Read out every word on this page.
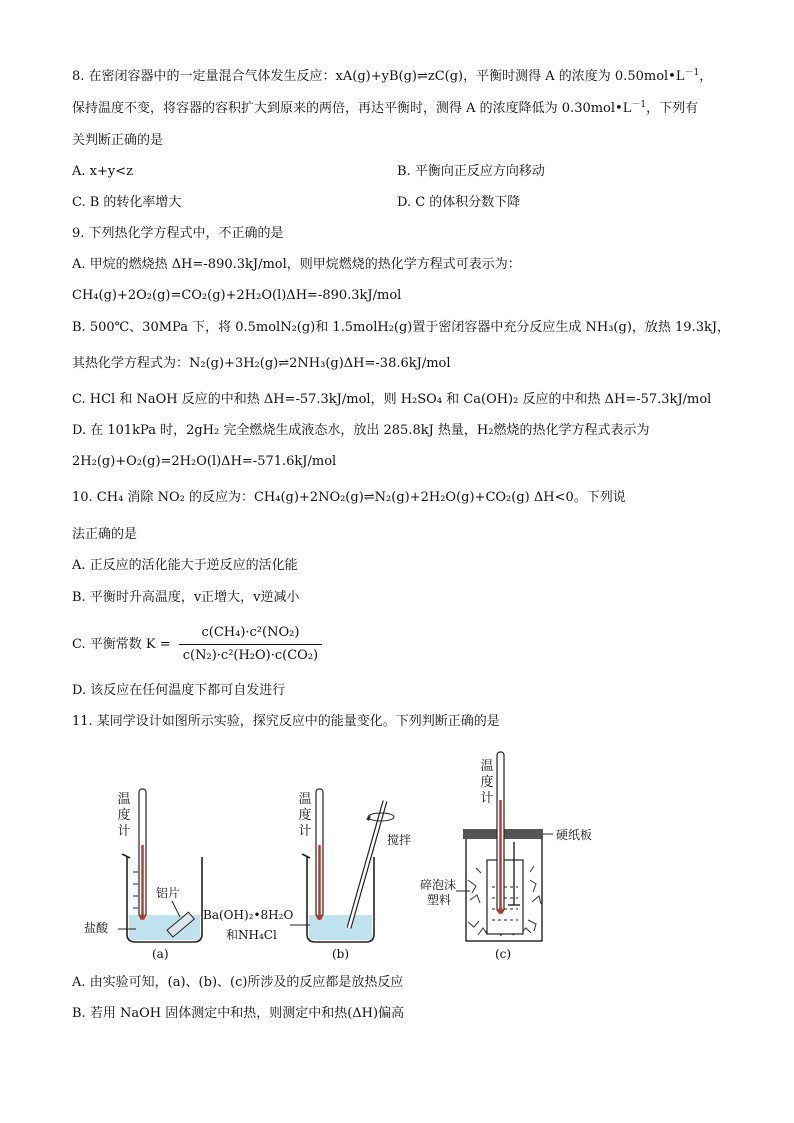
8. 在密闭容器中的一定量混合气体发生反应：xA(g)+yB(g)⇌zC(g)，平衡时测得 A 的浓度为 $0.50mol•L^{-1}$，
保持温度不变，将容器的容积扩大到原来的两倍，再达平衡时，测得 A 的浓度降低为 $0.30mol•L^{-1}$，下列有
关判断正确的是
A. x+y<z	B. 平衡向正反应方向移动
C. B 的转化率增大	D. C 的体积分数下降
9. 下列热化学方程式中，不正确的是
A. 甲烷的燃烧热 ΔH=-890.3kJ/mol，则甲烷燃烧的热化学方程式可表示为：
CH₄(g)+2O₂(g)=CO₂(g)+2H₂O(l)ΔH=-890.3kJ/mol
B. 500℃、30MPa 下，将 0.5molN₂(g)和 1.5molH₂(g)置于密闭容器中充分反应生成 NH₃(g)，放热 19.3kJ，
其热化学方程式为：N₂(g)+3H₂(g)⇌2NH₃(g)ΔH=-38.6kJ/mol
C. HCl 和 NaOH 反应的中和热 ΔH=-57.3kJ/mol，则 H₂SO₄ 和 Ca(OH)₂ 反应的中和热 ΔH=-57.3kJ/mol
D. 在 101kPa 时，2gH₂ 完全燃烧生成液态水，放出 285.8kJ 热量，H₂燃烧的热化学方程式表示为
2H₂(g)+O₂(g)=2H₂O(l)ΔH=-571.6kJ/mol
10. CH₄ 消除 NO₂ 的反应为：CH₄(g)+2NO₂(g)⇌N₂(g)+2H₂O(g)+CO₂(g) ΔH<0。下列说
法正确的是
A. 正反应的活化能大于逆反应的活化能
B. 平衡时升高温度，v正增大，v逆减小
C. 平衡常数 $K = \frac{\text{c(CH₄)·c²(NO₂)}}{\text{c(N₂)·c²(H₂O)·c(CO₂)}}$
D. 该反应在任何温度下都可自发进行
11. 某同学设计如图所示实验，探究反应中的能量变化。下列判断正确的是
温度计
盐酸
铝片
(a)
温度计
搅拌
Ba(OH)₂•8H₂O
和NH₄Cl
(b)
温度计
硬纸板
碎泡沫
塑料
(c)
A. 由实验可知，(a)、(b)、(c)所涉及的反应都是放热反应
B. 若用 NaOH 固体测定中和热，则测定中和热(ΔH)偏高
